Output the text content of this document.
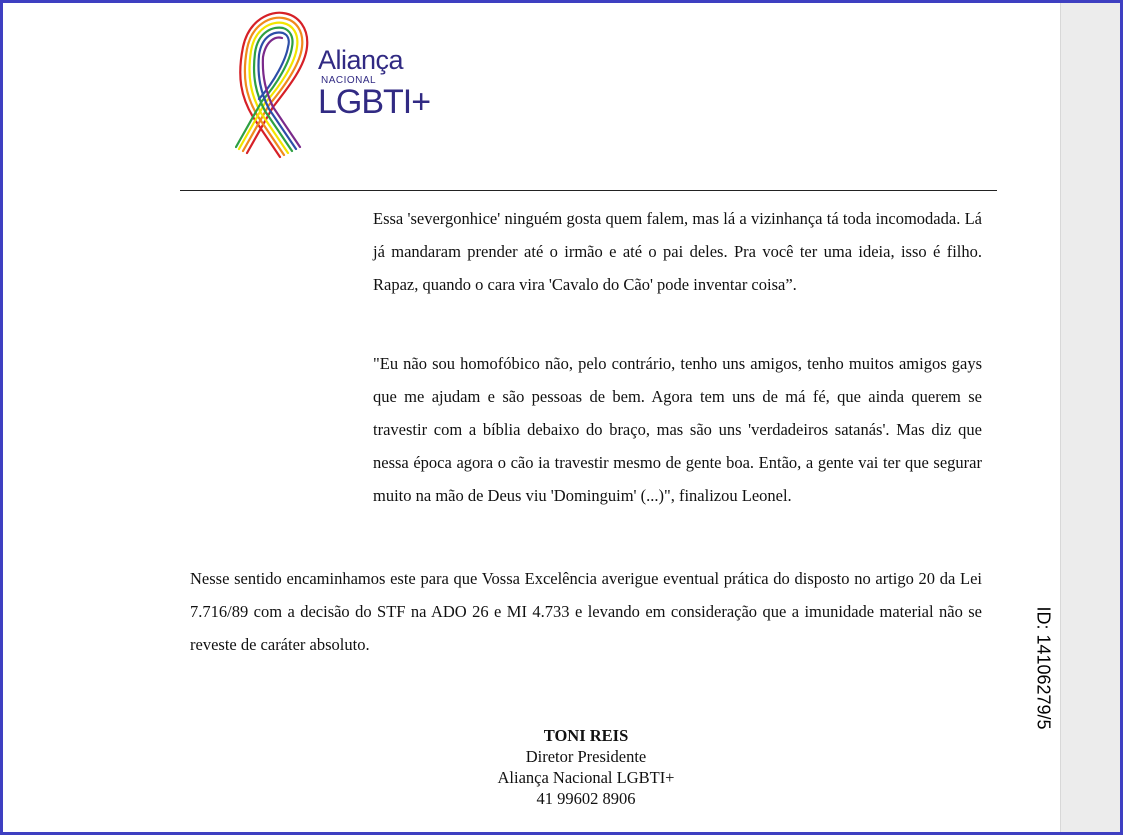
Aliança
NACIONAL
LGBTI+

Essa 'severgonhice' ninguém gosta quem falem, mas lá a vizinhança tá toda incomodada. Lá já mandaram prender até o irmão e até o pai deles. Pra você ter uma ideia, isso é filho. Rapaz, quando o cara vira 'Cavalo do Cão' pode inventar coisa”.

"Eu não sou homofóbico não, pelo contrário, tenho uns amigos, tenho muitos amigos gays que me ajudam e são pessoas de bem. Agora tem uns de má fé, que ainda querem se travestir com a bíblia debaixo do braço, mas são uns 'verdadeiros satanás'. Mas diz que nessa época agora o cão ia travestir mesmo de gente boa. Então, a gente vai ter que segurar muito na mão de Deus viu 'Dominguim' (...)", finalizou Leonel.

Nesse sentido encaminhamos este para que Vossa Excelência averigue eventual prática do disposto no artigo 20 da Lei 7.716/89 com a decisão do STF na ADO 26 e MI 4.733 e levando em consideração que a imunidade material não se reveste de caráter absoluto.

TONI REIS
Diretor Presidente
Aliança Nacional LGBTI+
41 99602 8906
ID: 14106279/5
